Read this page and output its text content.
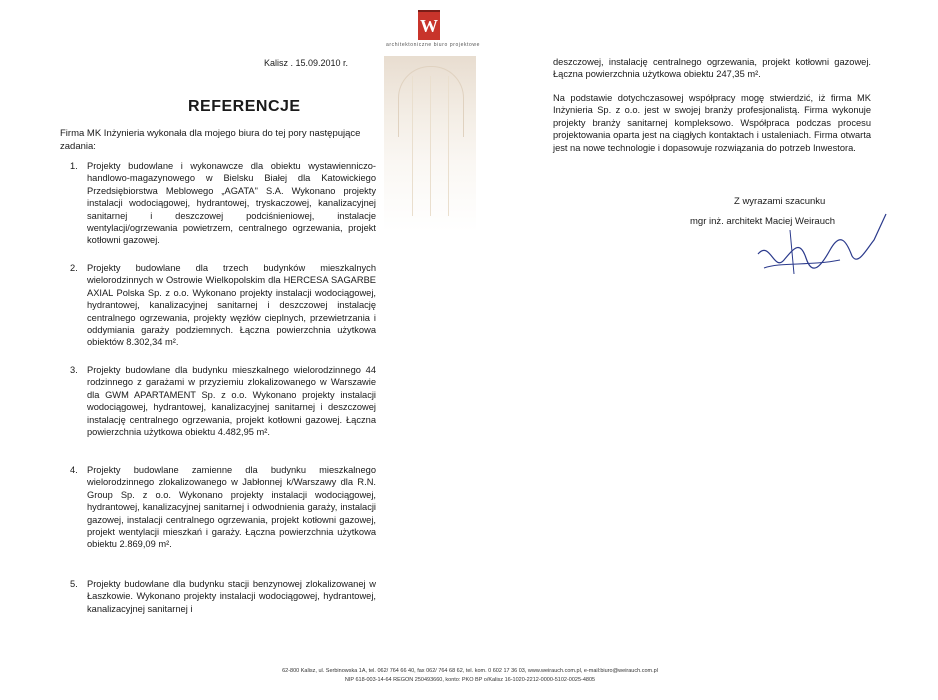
W
architektoniczne biuro projektowe
Kalisz . 15.09.2010 r.
REFERENCJE
Firma MK Inżynieria wykonała dla mojego biura do tej pory następujące zadania:
1. Projekty budowlane i wykonawcze dla obiektu wystawienniczo-handlowo-magazynowego w Bielsku Białej dla Katowickiego Przedsiębiorstwa Meblowego „AGATA" S.A. Wykonano projekty instalacji wodociągowej, hydrantowej, tryskaczowej, kanalizacyjnej sanitarnej i deszczowej podciśnieniowej, instalacje wentylacji/ogrzewania powietrzem, centralnego ogrzewania, projekt kotłowni gazowej.
2. Projekty budowlane dla trzech budynków mieszkalnych wielorodzinnych w Ostrowie Wielkopolskim dla HERCESA SAGARBE AXIAL Polska Sp. z o.o. Wykonano projekty instalacji wodociągowej, hydrantowej, kanalizacyjnej sanitarnej i deszczowej instalację centralnego ogrzewania, projekty węzłów cieplnych, przewietrzania i oddymiania garaży podziemnych. Łączna powierzchnia użytkowa obiektów 8.302,34 m².
3. Projekty budowlane dla budynku mieszkalnego wielorodzinnego 44 rodzinnego z garażami w przyziemiu zlokalizowanego w Warszawie dla GWM APARTAMENT Sp. z o.o. Wykonano projekty instalacji wodociągowej, hydrantowej, kanalizacyjnej sanitarnej i deszczowej instalację centralnego ogrzewania, projekt kotłowni gazowej. Łączna powierzchnia użytkowa obiektu 4.482,95 m².
4. Projekty budowlane zamienne dla budynku mieszkalnego wielorodzinnego zlokalizowanego w Jabłonnej k/Warszawy dla R.N. Group Sp. z o.o. Wykonano projekty instalacji wodociągowej, hydrantowej, kanalizacyjnej sanitarnej i odwodnienia garaży, instalacji gazowej, instalacji centralnego ogrzewania, projekt kotłowni gazowej, projekt wentylacji mieszkań i garaży. Łączna powierzchnia użytkowa obiektu 2.869,09 m².
5. Projekty budowlane dla budynku stacji benzynowej zlokalizowanej w Łaszkowie. Wykonano projekty instalacji wodociągowej, hydrantowej, kanalizacyjnej sanitarnej i
deszczowej, instalację centralnego ogrzewania, projekt kotłowni gazowej. Łączna powierzchnia użytkowa obiektu 247,35 m².
Na podstawie dotychczasowej współpracy mogę stwierdzić, iż firma MK Inżynieria Sp. z o.o. jest w swojej branży profesjonalistą. Firma wykonuje projekty branży sanitarnej kompleksowo. Współpraca podczas procesu projektowania oparta jest na ciągłych kontaktach i ustaleniach. Firma otwarta jest na nowe technologie i dopasowuje rozwiązania do potrzeb Inwestora.
Z wyrazami szacunku
mgr inż. architekt Maciej Weirauch
62-800 Kalisz, ul. Serbinowska 1A, tel. 062/ 764 66 40, fax 062/ 764 68 62, tel. kom. 0 602 17 36 03, www.weirauch.com.pl, e-mail:biuro@weirauch.com.pl
NIP 618-003-14-64 REGON 250493660, konto: PKO BP o/Kalisz 16-1020-2212-0000-5102-0025-4805
